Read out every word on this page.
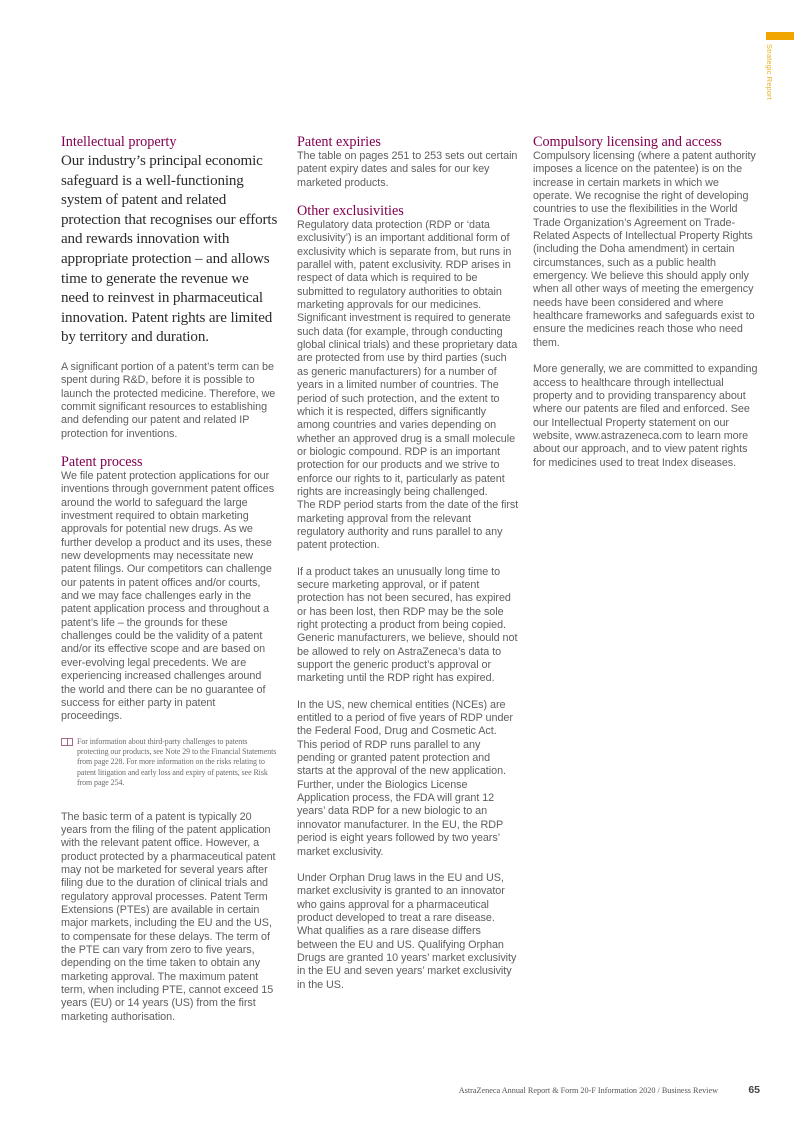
Strategic Report
Intellectual property
Our industry’s principal economic safeguard is a well-functioning system of patent and related protection that recognises our efforts and rewards innovation with appropriate protection – and allows time to generate the revenue we need to reinvest in pharmaceutical innovation. Patent rights are limited by territory and duration.

A significant portion of a patent’s term can be spent during R&D, before it is possible to launch the protected medicine. Therefore, we commit significant resources to establishing and defending our patent and related IP protection for inventions.

Patent process

We file patent protection applications for our inventions through government patent offices around the world to safeguard the large investment required to obtain marketing approvals for potential new drugs. As we further develop a product and its uses, these new developments may necessitate new patent filings. Our competitors can challenge our patents in patent offices and/or courts, and we may face challenges early in the patent application process and throughout a patent’s life – the grounds for these challenges could be the validity of a patent and/or its effective scope and are based on ever-evolving legal precedents. We are experiencing increased challenges around the world and there can be no guarantee of success for either party in patent proceedings.

For information about third-party challenges to patents protecting our products, see Note 29 to the Financial Statements from page 228. For more information on the risks relating to patent litigation and early loss and expiry of patents, see Risk from page 254.

The basic term of a patent is typically 20 years from the filing of the patent application with the relevant patent office. However, a product protected by a pharmaceutical patent may not be marketed for several years after filing due to the duration of clinical trials and regulatory approval processes. Patent Term Extensions (PTEs) are available in certain major markets, including the EU and the US, to compensate for these delays. The term of the PTE can vary from zero to five years, depending on the time taken to obtain any marketing approval. The maximum patent term, when including PTE, cannot exceed 15 years (EU) or 14 years (US) from the first marketing authorisation.

Patent expiries

The table on pages 251 to 253 sets out certain patent expiry dates and sales for our key marketed products.

Other exclusivities

Regulatory data protection (RDP or ‘data exclusivity’) is an important additional form of exclusivity which is separate from, but runs in parallel with, patent exclusivity. RDP arises in respect of data which is required to be submitted to regulatory authorities to obtain marketing approvals for our medicines. Significant investment is required to generate such data (for example, through conducting global clinical trials) and these proprietary data are protected from use by third parties (such as generic manufacturers) for a number of years in a limited number of countries. The period of such protection, and the extent to which it is respected, differs significantly among countries and varies depending on whether an approved drug is a small molecule or biologic compound. RDP is an important protection for our products and we strive to enforce our rights to it, particularly as patent rights are increasingly being challenged.

The RDP period starts from the date of the first marketing approval from the relevant regulatory authority and runs parallel to any patent protection.

If a product takes an unusually long time to secure marketing approval, or if patent protection has not been secured, has expired or has been lost, then RDP may be the sole right protecting a product from being copied. Generic manufacturers, we believe, should not be allowed to rely on AstraZeneca’s data to support the generic product’s approval or marketing until the RDP right has expired.

In the US, new chemical entities (NCEs) are entitled to a period of five years of RDP under the Federal Food, Drug and Cosmetic Act. This period of RDP runs parallel to any pending or granted patent protection and starts at the approval of the new application. Further, under the Biologics License Application process, the FDA will grant 12 years’ data RDP for a new biologic to an innovator manufacturer. In the EU, the RDP period is eight years followed by two years’ market exclusivity.

Under Orphan Drug laws in the EU and US, market exclusivity is granted to an innovator who gains approval for a pharmaceutical product developed to treat a rare disease. What qualifies as a rare disease differs between the EU and US. Qualifying Orphan Drugs are granted 10 years’ market exclusivity in the EU and seven years’ market exclusivity in the US.

Compulsory licensing and access

Compulsory licensing (where a patent authority imposes a licence on the patentee) is on the increase in certain markets in which we operate. We recognise the right of developing countries to use the flexibilities in the World Trade Organization’s Agreement on Trade-Related Aspects of Intellectual Property Rights (including the Doha amendment) in certain circumstances, such as a public health emergency. We believe this should apply only when all other ways of meeting the emergency needs have been considered and where healthcare frameworks and safeguards exist to ensure the medicines reach those who need them.

More generally, we are committed to expanding access to healthcare through intellectual property and to providing transparency about where our patents are filed and enforced. See our Intellectual Property statement on our website, www.astrazeneca.com to learn more about our approach, and to view patent rights for medicines used to treat Index diseases.

AstraZeneca Annual Report & Form 20-F Information 2020 / Business Review	65
